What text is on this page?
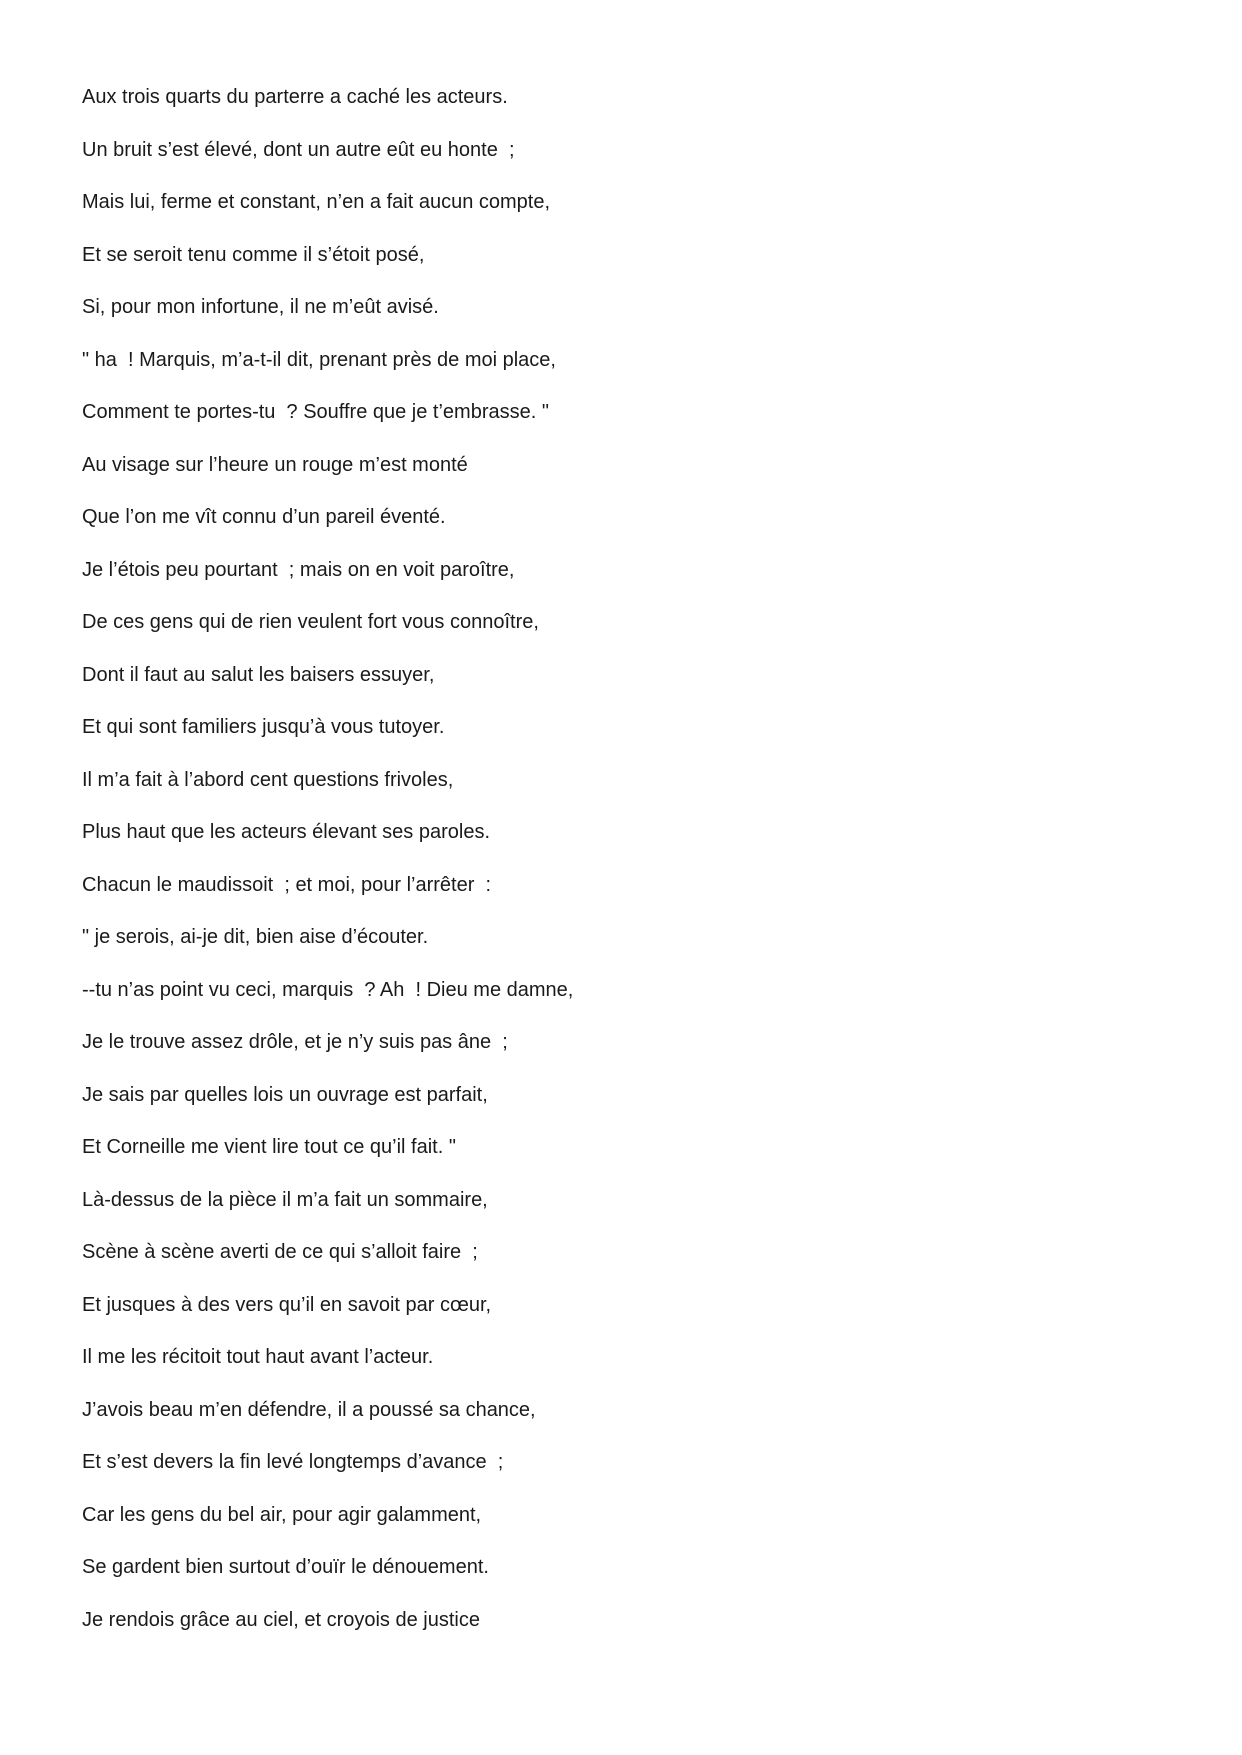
Aux trois quarts du parterre a caché les acteurs.
Un bruit s’est élevé, dont un autre eût eu honte  ;
Mais lui, ferme et constant, n’en a fait aucun compte,
Et se seroit tenu comme il s’étoit posé,
Si, pour mon infortune, il ne m’eût avisé.
" ha  ! Marquis, m’a-t-il dit, prenant près de moi place,
Comment te portes-tu  ? Souffre que je t’embrasse. "
Au visage sur l’heure un rouge m’est monté
Que l’on me vît connu d’un pareil éventé.
Je l’étois peu pourtant  ; mais on en voit paroître,
De ces gens qui de rien veulent fort vous connoître,
Dont il faut au salut les baisers essuyer,
Et qui sont familiers jusqu’à vous tutoyer.
Il m’a fait à l’abord cent questions frivoles,
Plus haut que les acteurs élevant ses paroles.
Chacun le maudissoit  ; et moi, pour l’arrêter  :
" je serois, ai-je dit, bien aise d’écouter.
--tu n’as point vu ceci, marquis  ? Ah  ! Dieu me damne,
Je le trouve assez drôle, et je n’y suis pas âne  ;
Je sais par quelles lois un ouvrage est parfait,
Et Corneille me vient lire tout ce qu’il fait. "
Là-dessus de la pièce il m’a fait un sommaire,
Scène à scène averti de ce qui s’alloit faire  ;
Et jusques à des vers qu’il en savoit par cœur,
Il me les récitoit tout haut avant l’acteur.
J’avois beau m’en défendre, il a poussé sa chance,
Et s’est devers la fin levé longtemps d’avance  ;
Car les gens du bel air, pour agir galamment,
Se gardent bien surtout d’ouïr le dénouement.
Je rendois grâce au ciel, et croyois de justice
